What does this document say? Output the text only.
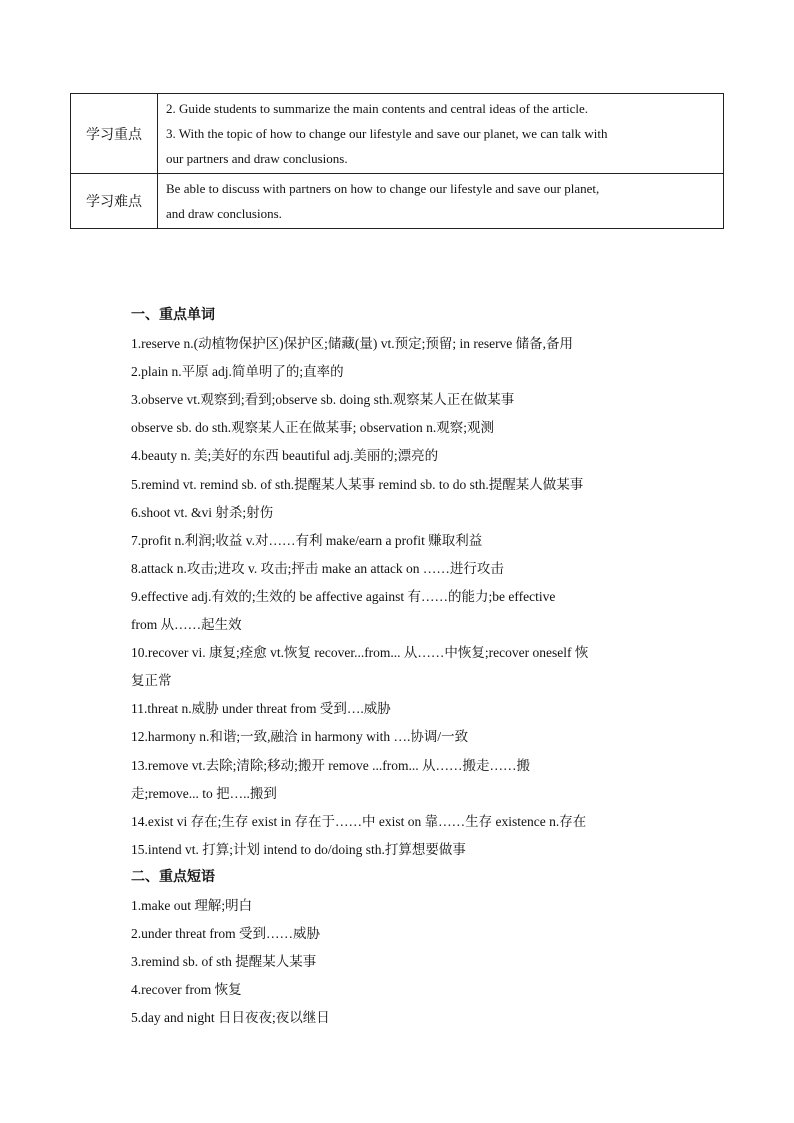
学习重点	2. Guide students to summarize the main contents and central ideas of the article.

3. With the topic of how to change our lifestyle and save our planet, we can talk with

our partners and draw conclusions.

学习难点	Be able to discuss with partners on how to change our lifestyle and save our planet,

and draw conclusions.

一、重点单词

1.reserve n.(动植物保护区)保护区;储藏(量) vt.预定;预留; in reserve 储备,备用

2.plain n.平原 adj.简单明了的;直率的

3.observe vt.观察到;看到;observe sb. doing sth.观察某人正在做某事

observe sb. do sth.观察某人正在做某事; observation n.观察;观测

4.beauty n. 美;美好的东西 beautiful adj.美丽的;漂亮的

5.remind vt. remind sb. of sth.提醒某人某事 remind sb. to do sth.提醒某人做某事

6.shoot vt. &vi 射杀;射伤

7.profit n.利润;收益 v.对……有利 make/earn a profit 赚取利益

8.attack n.攻击;进攻 v. 攻击;抨击 make an attack on ……进行攻击

9.effective adj.有效的;生效的 be affective against 有……的能力;be effective

from 从……起生效

10.recover vi. 康复;痊愈 vt.恢复 recover...from... 从……中恢复;recover oneself 恢

复正常

11.threat n.威胁 under threat from 受到….威胁

12.harmony n.和谐;一致,融洽 in harmony with ….协调/一致

13.remove vt.去除;清除;移动;搬开 remove ...from... 从……搬走……搬

走;remove... to 把…..搬到

14.exist vi 存在;生存 exist in 存在于……中 exist on 靠……生存 existence n.存在

15.intend vt. 打算;计划 intend to do/doing sth.打算想要做事

二、重点短语

1.make out 理解;明白

2.under threat from 受到……威胁

3.remind sb. of sth 提醒某人某事

4.recover from 恢复

5.day and night 日日夜夜;夜以继日
